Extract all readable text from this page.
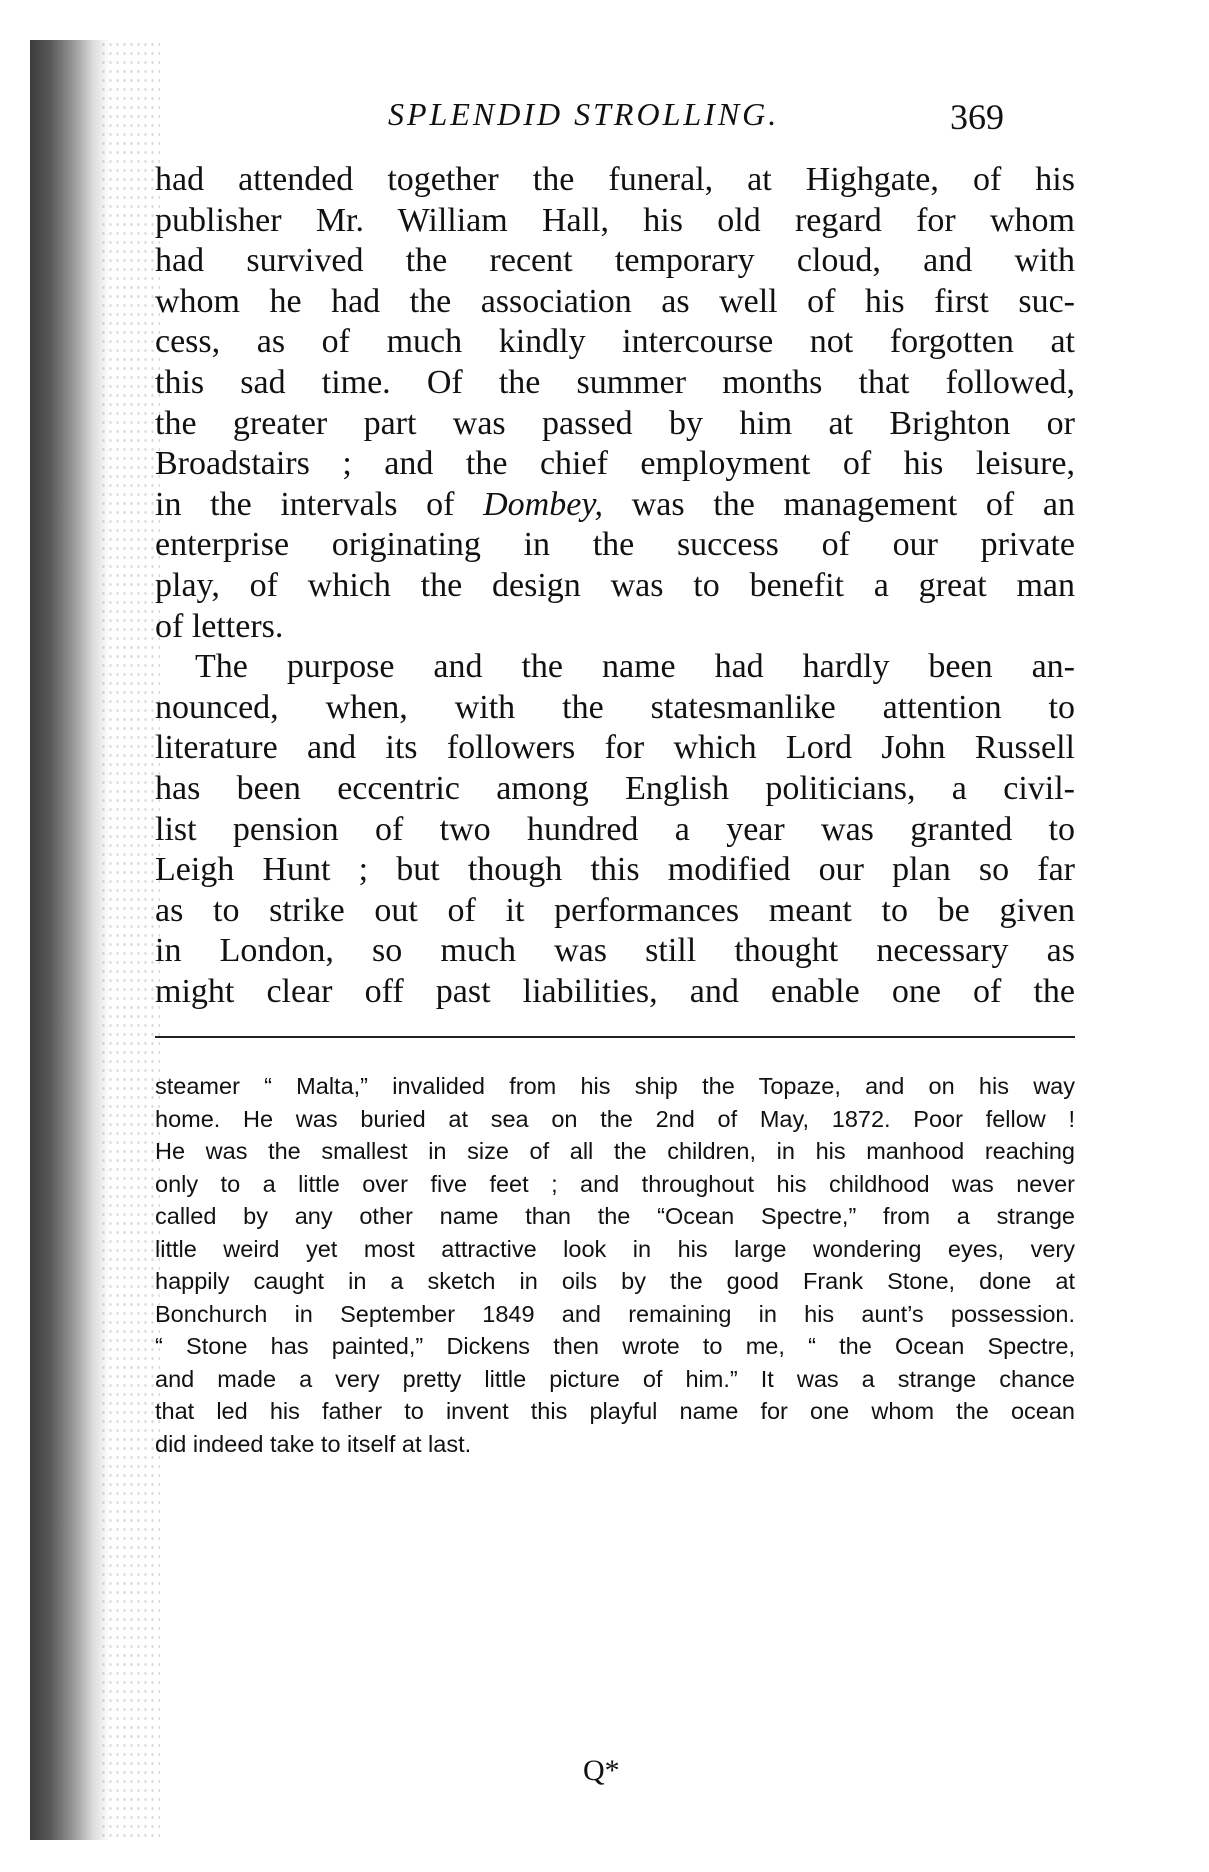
SPLENDID STROLLING.	369
had attended together the funeral, at Highgate, of his
publisher Mr. William Hall, his old regard for whom
had survived the recent temporary cloud, and with
whom he had the association as well of his first suc-
cess, as of much kindly intercourse not forgotten at
this sad time. Of the summer months that followed,
the greater part was passed by him at Brighton or
Broadstairs ; and the chief employment of his leisure,
in the intervals of Dombey, was the management of an
enterprise originating in the success of our private
play, of which the design was to benefit a great man
of letters.
The purpose and the name had hardly been an-
nounced, when, with the statesmanlike attention to
literature and its followers for which Lord John Russell
has been eccentric among English politicians, a civil-
list pension of two hundred a year was granted to
Leigh Hunt ; but though this modified our plan so far
as to strike out of it performances meant to be given
in London, so much was still thought necessary as
might clear off past liabilities, and enable one of the
steamer “ Malta,” invalided from his ship the Topaze, and on his way
home. He was buried at sea on the 2nd of May, 1872. Poor fellow !
He was the smallest in size of all the children, in his manhood reaching
only to a little over five feet ; and throughout his childhood was never
called by any other name than the “Ocean Spectre,” from a strange
little weird yet most attractive look in his large wondering eyes, very
happily caught in a sketch in oils by the good Frank Stone, done at
Bonchurch in September 1849 and remaining in his aunt’s possession.
“ Stone has painted,” Dickens then wrote to me, “ the Ocean Spectre,
and made a very pretty little picture of him.” It was a strange chance
that led his father to invent this playful name for one whom the ocean
did indeed take to itself at last.
Q*
